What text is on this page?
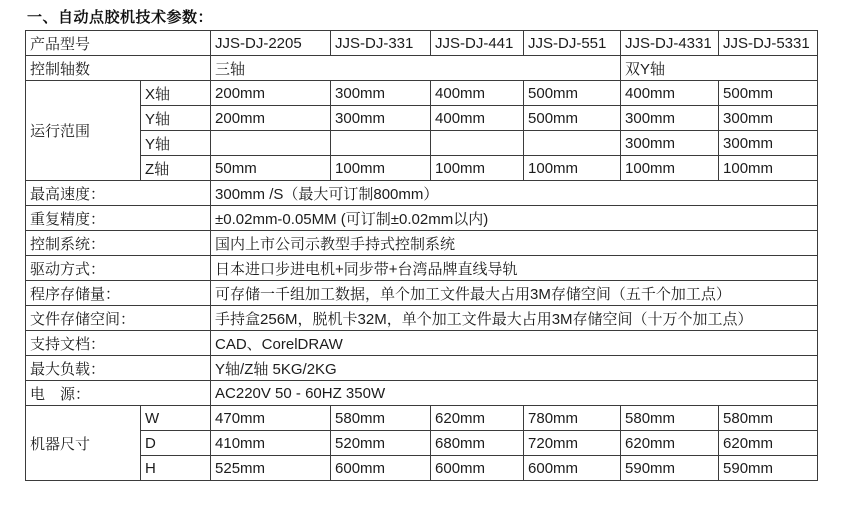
一、自动点胶机技术参数：
产品型号		JJS-DJ-2205	JJS-DJ-331	JJS-DJ-441	JJS-DJ-551	JJS-DJ-4331	JJS-DJ-5331
控制轴数		三轴				双Y轴	
运行范围	X轴	200mm	300mm	400mm	500mm	400mm	500mm
	Y轴	200mm	300mm	400mm	500mm	300mm	300mm
	Y轴					300mm	300mm
	Z轴	50mm	100mm	100mm	100mm	100mm	100mm
最高速度：		300mm /S（最大可订制800mm）					
重复精度：		±0.02mm-0.05MM (可订制±0.02mm以内)					
控制系统：		国内上市公司示教型手持式控制系统					
驱动方式：		日本进口步进电机+同步带+台湾品牌直线导轨					
程序存储量：		可存储一千组加工数据，单个加工文件最大占用3M存储空间（五千个加工点）					
文件存储空间：		手持盒256M，脱机卡32M，单个加工文件最大占用3M存储空间（十万个加工点）					
支持文档：		CAD、CorelDRAW					
最大负载：		Y轴/Z轴 5KG/2KG					
电　源：		AC220V 50 - 60HZ 350W					
机器尺寸	W	470mm	580mm	620mm	780mm	580mm	580mm
	D	410mm	520mm	680mm	720mm	620mm	620mm
	H	525mm	600mm	600mm	600mm	590mm	590mm
